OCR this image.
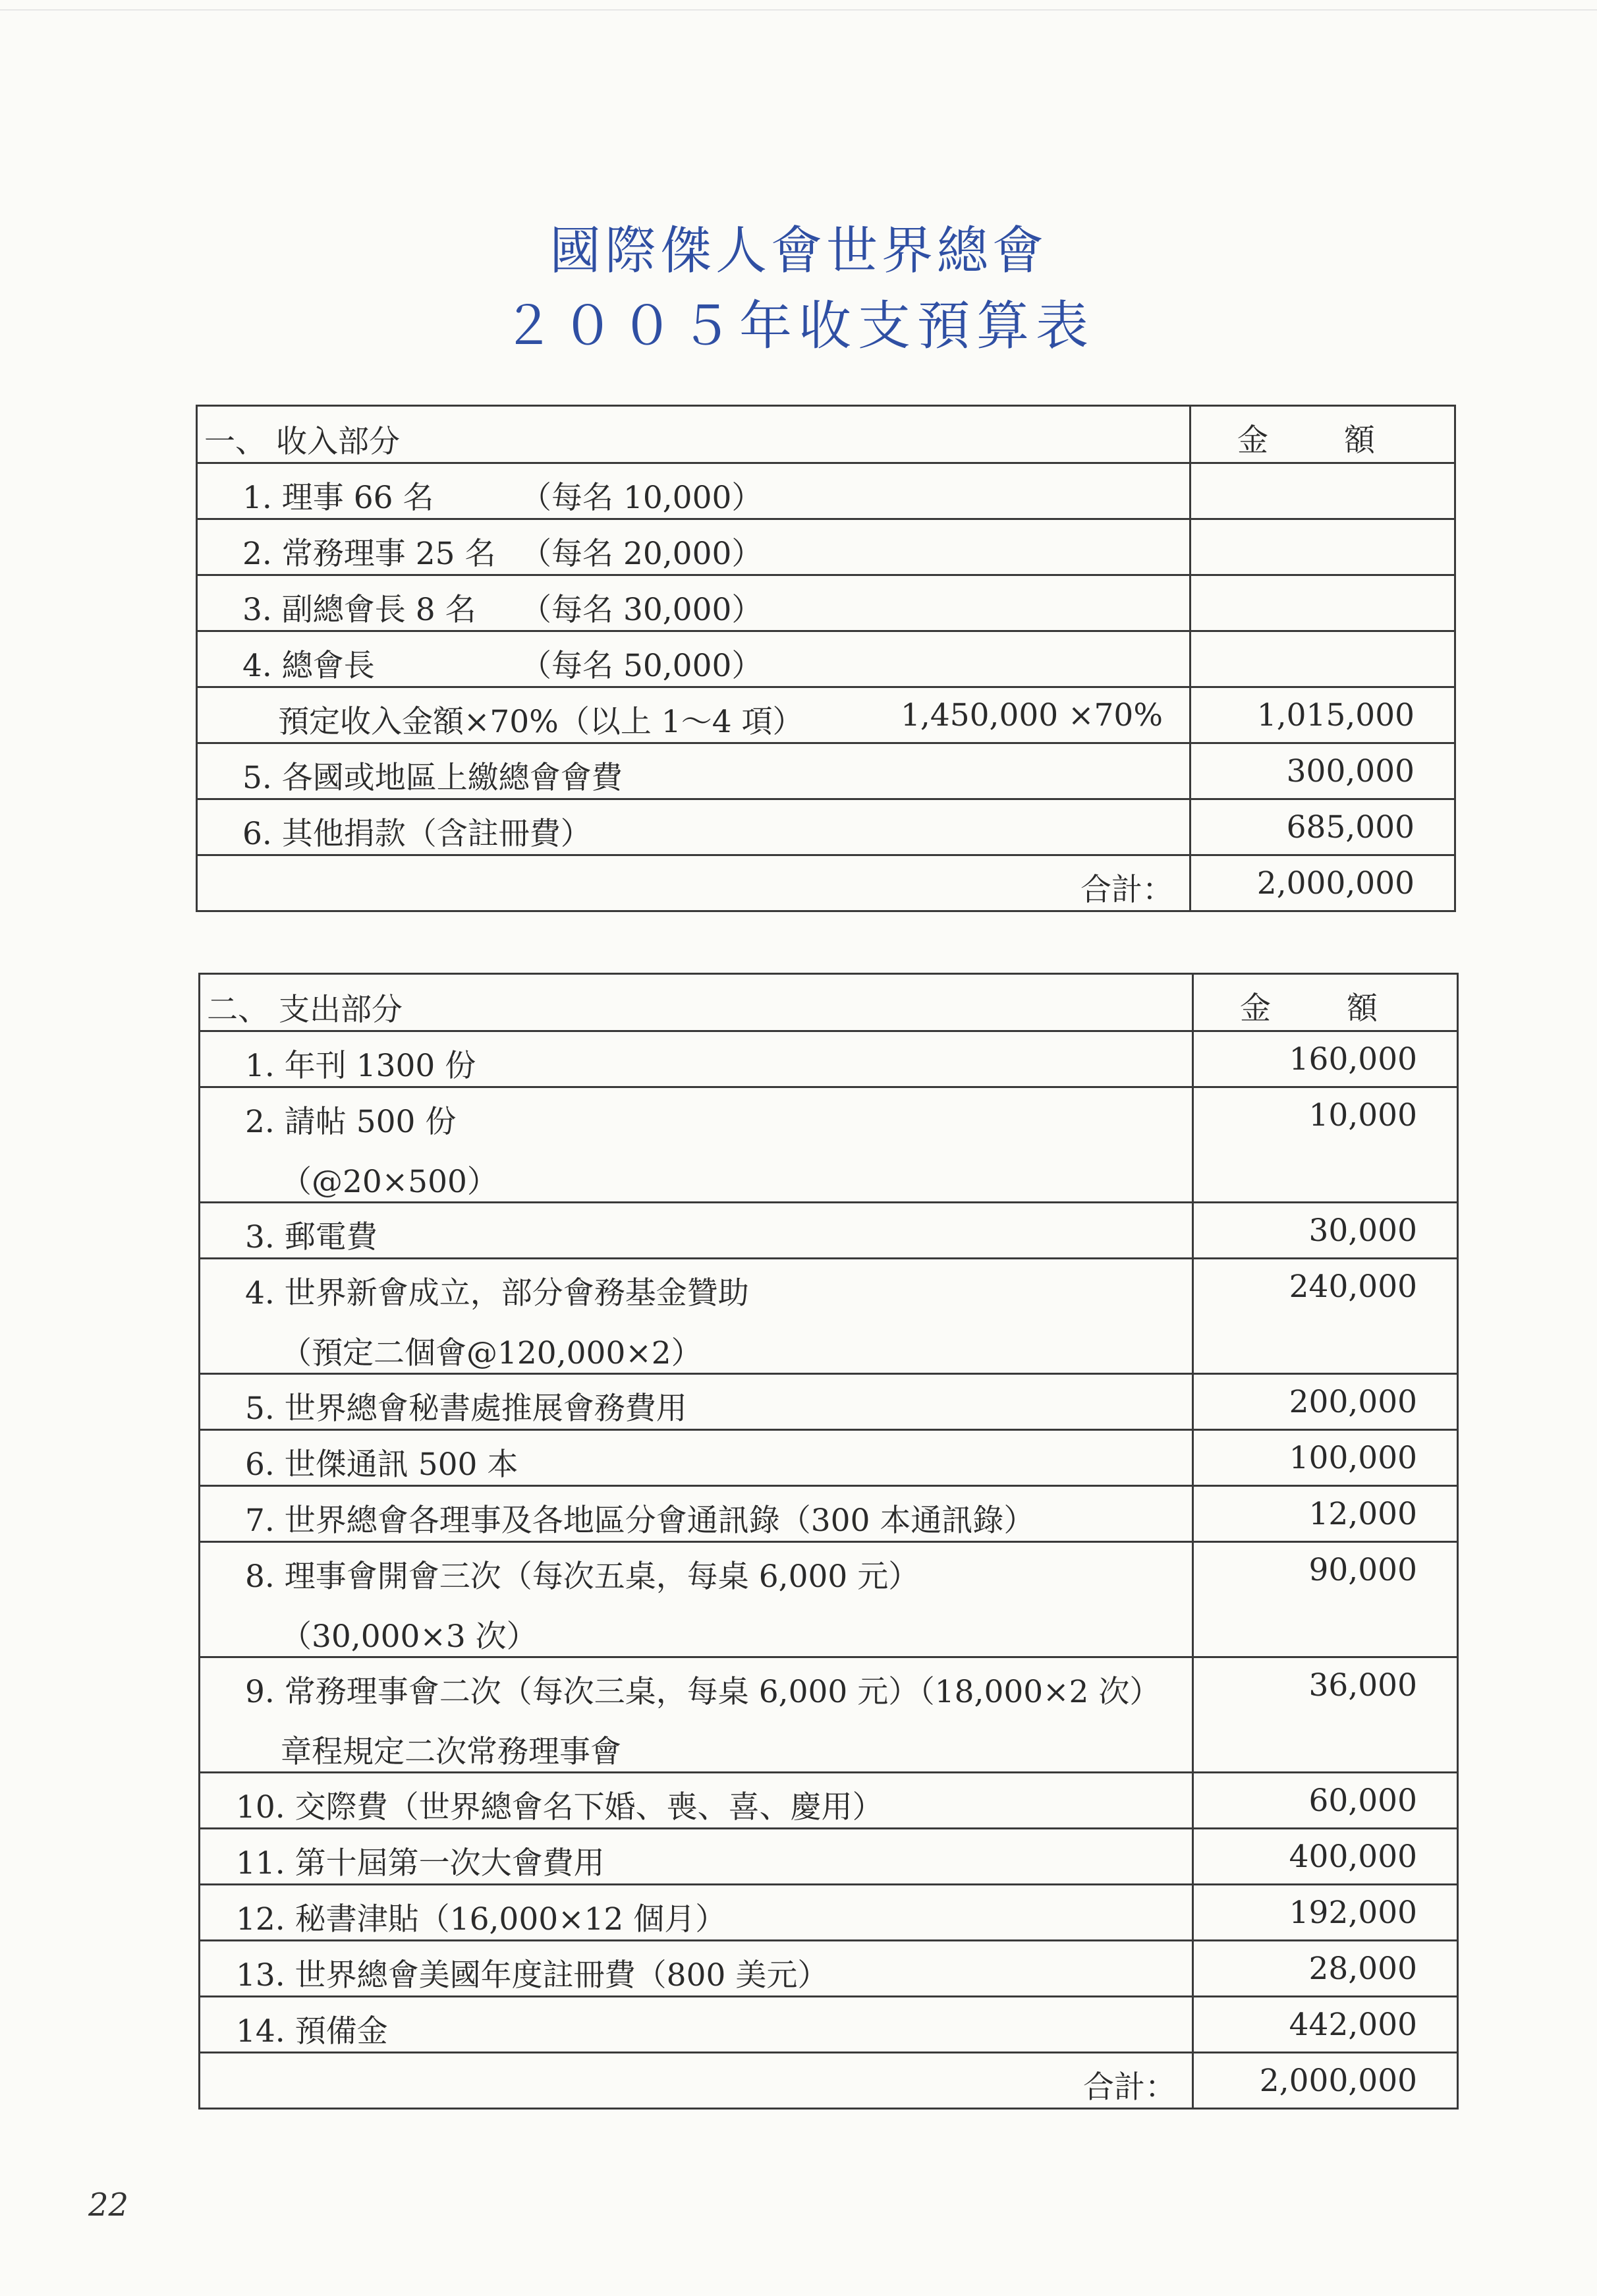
國際傑人會世界總會
２００５年收支預算表
一、 收入部分	金 額

1. 理事 66 名 （每名 10,000）	

2. 常務理事 25 名 （每名 20,000）	

3. 副總會長 8 名 （每名 30,000）	

4. 總會長 （每名 50,000）	

預定收入金額×70%（以上 1～4 項） 1,450,000 ×70%	1,015,000

5. 各國或地區上繳總會會費	300,000

6. 其他捐款（含註冊費）	685,000

合計：	2,000,000
二、 支出部分	金 額

1. 年刊 1300 份	160,000

2. 請帖 500 份
（@20×500）	10,000

3. 郵電費	30,000

4. 世界新會成立，部分會務基金贊助
（預定二個會@120,000×2）	240,000

5. 世界總會秘書處推展會務費用	200,000

6. 世傑通訊 500 本	100,000

7. 世界總會各理事及各地區分會通訊錄（300 本通訊錄）	12,000

8. 理事會開會三次（每次五桌，每桌 6,000 元）
（30,000×3 次）	90,000

9. 常務理事會二次（每次三桌，每桌 6,000 元）（18,000×2 次）
章程規定二次常務理事會	36,000

10. 交際費（世界總會名下婚、喪、喜、慶用）	60,000

11. 第十屆第一次大會費用	400,000

12. 秘書津貼（16,000×12 個月）	192,000

13. 世界總會美國年度註冊費（800 美元）	28,000

14. 預備金	442,000

合計：	2,000,000
22
